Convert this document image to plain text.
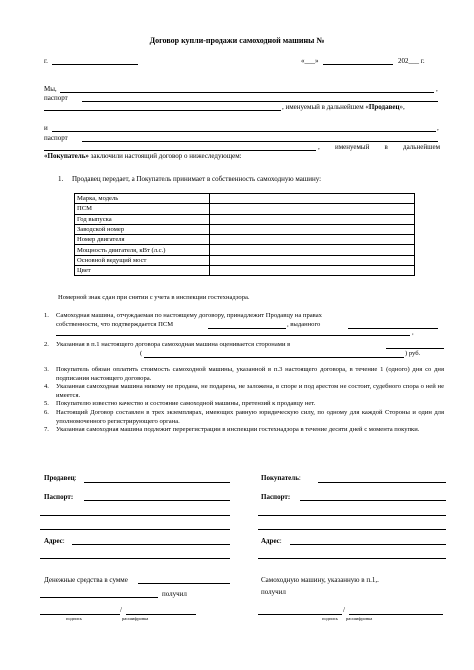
Договор купли-продажи самоходной машины №
г.	«___»	202___ г.
Мы,	,
паспорт
, именуемый в дальнейшем «Продавец»,
и	,
паспорт
, именуемый в дальнейшем
«Покупатель» заключили настоящий договор о нижеследующем:
1. Продавец передает, а Покупатель принимает в собственность самоходную машину:
Марка, модель	
ПСМ	
Год выпуска	
Заводской номер	
Номер двигателя	
Мощность двигателя, кВт (л.с.)	
Основной ведущий мост	
Цвет	
Номерной знак сдан при снятии с учета в инспекции гостехнадзора.
1. Самоходная машина, отчуждаемая по настоящему договору, принадлежит Продавцу на правах
собственности, что подтверждается ПСМ	, выданного
,
2. Указанная в п.1 настоящего договора самоходная машина оценивается сторонами в
(	) руб.
3. Покупатель обязан оплатить стоимость самоходной машины, указанной в п.3 настоящего договора, в течение 1 (одного) дня со дня подписания настоящего договора.
4. Указанная самоходная машина никому не продана, не подарена, не заложена, в споре и под арестом не состоит, судебного спора о ней не имеется.
5. Покупателю известно качество и состояние самоходной машины, претензий к продавцу нет.
6. Настоящий Договор составлен в трех экземплярах, имеющих равную юридическую силу, по одному для каждой Стороны и один для уполномоченного регистрирующего органа.
7. Указанная самоходная машина подлежит перерегистрации в инспекции гостехнадзора в течение десяти дней с момента покупки.
Продавец:
Паспорт:
Адрес:
Денежные средства в сумме
получил
/
подпись	расшифровка
Покупатель:
Паспорт:
Адрес:
Самоходную машину, указанную в п.1,.
получил
/
подпись расшифровка
